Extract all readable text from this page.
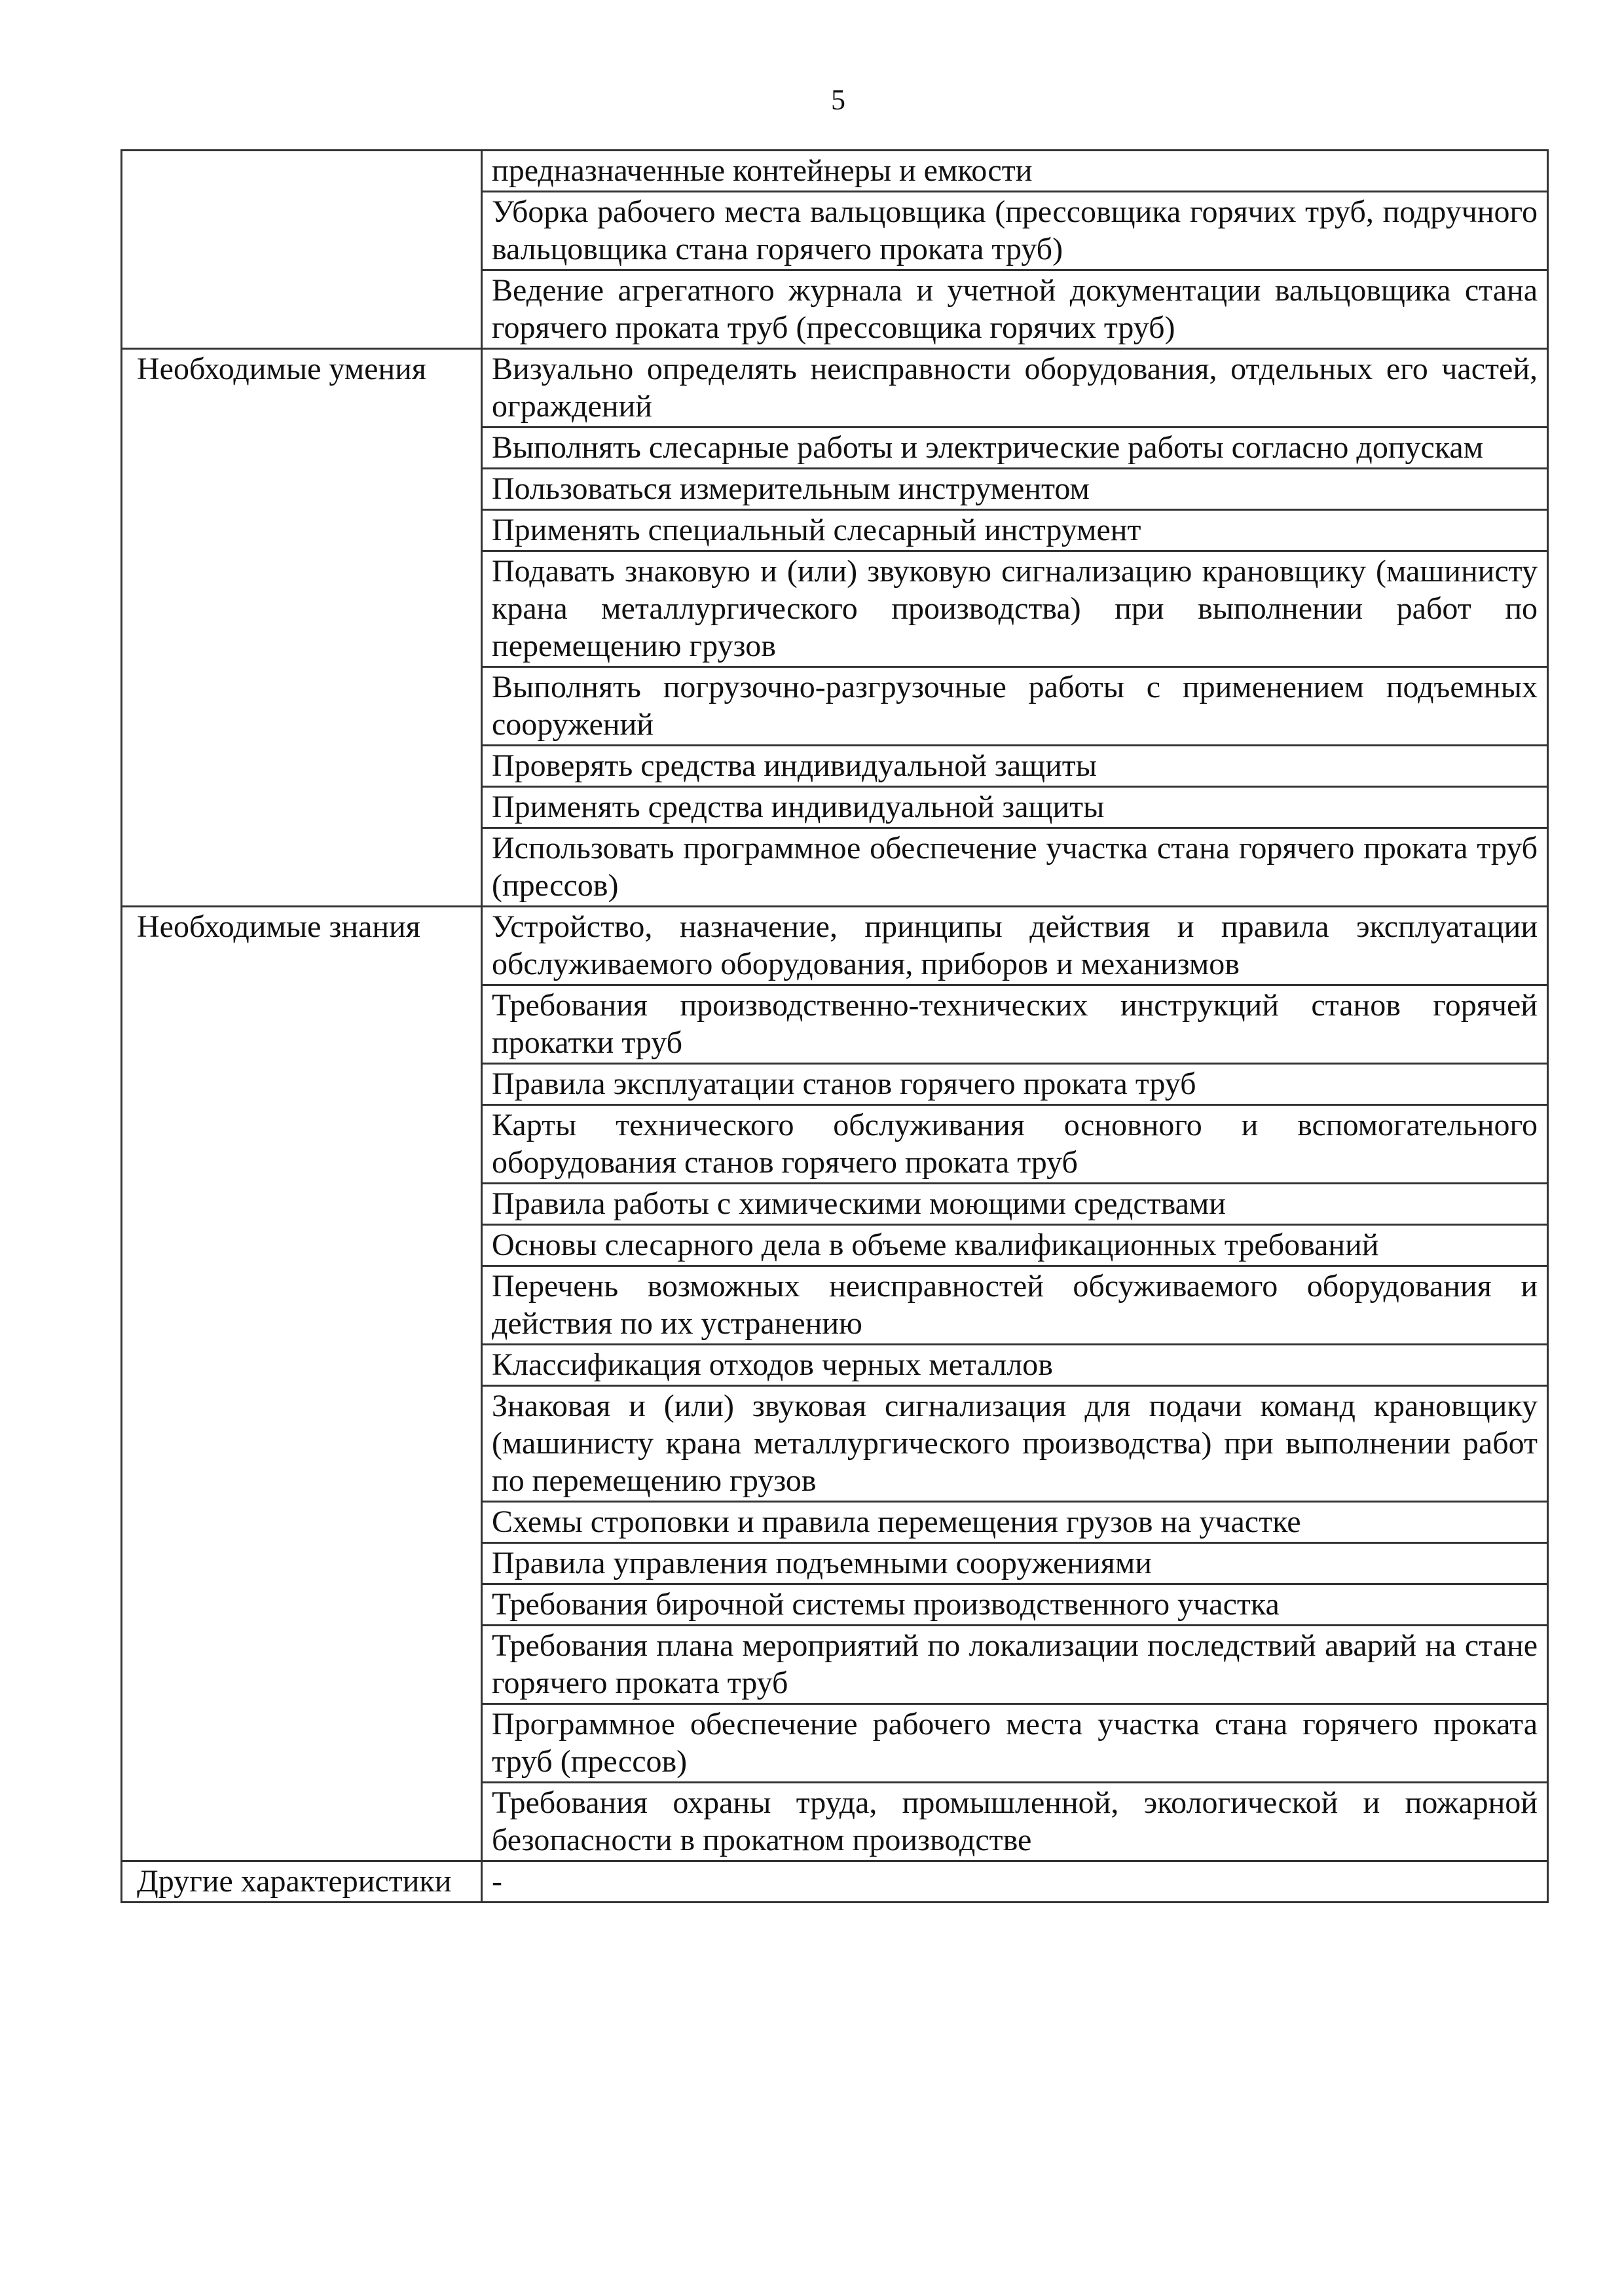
5
	предназначенные контейнеры и емкости
	Уборка рабочего места вальцовщика (прессовщика горячих труб, подручного вальцовщика стана горячего проката труб)
	Ведение агрегатного журнала и учетной документации вальцовщика стана горячего проката труб (прессовщика горячих труб)
Необходимые умения	Визуально определять неисправности оборудования, отдельных его частей, ограждений
	Выполнять слесарные работы и электрические работы согласно допускам
	Пользоваться измерительным инструментом
	Применять специальный слесарный инструмент
	Подавать знаковую и (или) звуковую сигнализацию крановщику (машинисту крана металлургического производства) при выполнении работ по перемещению грузов
	Выполнять погрузочно-разгрузочные работы с применением подъемных сооружений
	Проверять средства индивидуальной защиты
	Применять средства индивидуальной защиты
	Использовать программное обеспечение участка стана горячего проката труб (прессов)
Необходимые знания	Устройство, назначение, принципы действия и правила эксплуатации обслуживаемого оборудования, приборов и механизмов
	Требования производственно-технических инструкций станов горячей прокатки труб
	Правила эксплуатации станов горячего проката труб
	Карты технического обслуживания основного и вспомогательного оборудования станов горячего проката труб
	Правила работы с химическими моющими средствами
	Основы слесарного дела в объеме квалификационных требований
	Перечень возможных неисправностей обсуживаемого оборудования и действия по их устранению
	Классификация отходов черных металлов
	Знаковая и (или) звуковая сигнализация для подачи команд крановщику (машинисту крана металлургического производства) при выполнении работ по перемещению грузов
	Схемы строповки и правила перемещения грузов на участке
	Правила управления подъемными сооружениями
	Требования бирочной системы производственного участка
	Требования плана мероприятий по локализации последствий аварий на стане горячего проката труб
	Программное обеспечение рабочего места участка стана горячего проката труб (прессов)
	Требования охраны труда, промышленной, экологической и пожарной безопасности в прокатном производстве
Другие характеристики	-
